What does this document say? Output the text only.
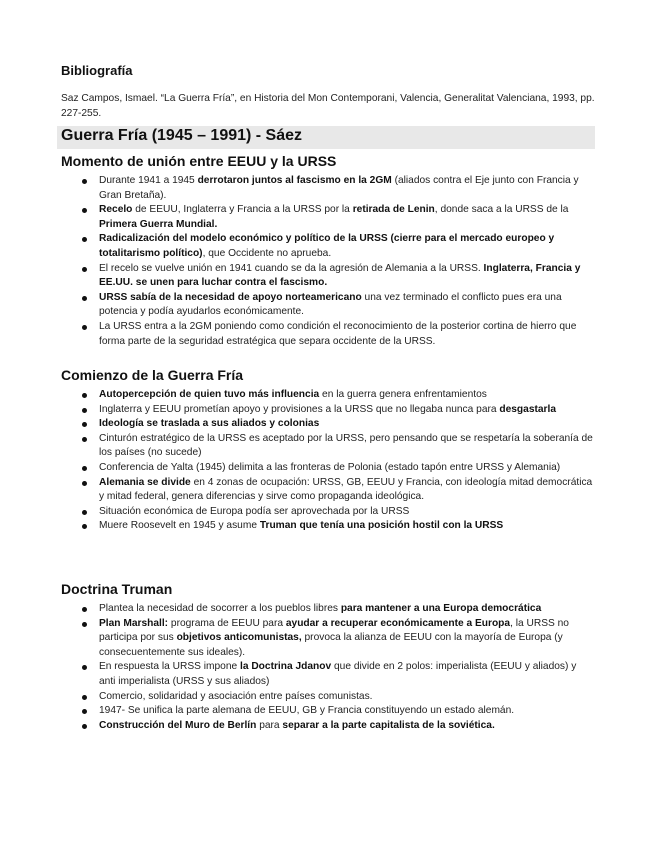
Bibliografía
Saz Campos, Ismael. “La Guerra Fría”, en Historia del Mon Contemporani, Valencia, Generalitat Valenciana, 1993, pp. 227-255.
Guerra Fría (1945 – 1991) - Sáez
Momento de unión entre EEUU y la URSS
Durante 1941 a 1945 derrotaron juntos al fascismo en la 2GM (aliados contra el Eje junto con Francia y Gran Bretaña).
Recelo de EEUU, Inglaterra y Francia a la URSS por la retirada de Lenin, donde saca a la URSS de la Primera Guerra Mundial.
Radicalización del modelo económico y político de la URSS (cierre para el mercado europeo y totalitarismo político), que Occidente no aprueba.
El recelo se vuelve unión en 1941 cuando se da la agresión de Alemania a la URSS. Inglaterra, Francia y EE.UU. se unen para luchar contra el fascismo.
URSS sabía de la necesidad de apoyo norteamericano una vez terminado el conflicto pues era una potencia y podía ayudarlos económicamente.
La URSS entra a la 2GM poniendo como condición el reconocimiento de la posterior cortina de hierro que forma parte de la seguridad estratégica que separa occidente de la URSS.
Comienzo de la Guerra Fría
Autopercepción de quien tuvo más influencia en la guerra genera enfrentamientos
Inglaterra y EEUU prometían apoyo y provisiones a la URSS que no llegaba nunca para desgastarla
Ideología se traslada a sus aliados y colonias
Cinturón estratégico de la URSS es aceptado por la URSS, pero pensando que se respetaría la soberanía de los países (no sucede)
Conferencia de Yalta (1945) delimita a las fronteras de Polonia (estado tapón entre URSS y Alemania)
Alemania se divide en 4 zonas de ocupación: URSS, GB, EEUU y Francia, con ideología mitad democrática y mitad federal, genera diferencias y sirve como propaganda ideológica.
Situación económica de Europa podía ser aprovechada por la URSS
Muere Roosevelt en 1945 y asume Truman que tenía una posición hostil con la URSS
Doctrina Truman
Plantea la necesidad de socorrer a los pueblos libres para mantener a una Europa democrática
Plan Marshall: programa de EEUU para ayudar a recuperar económicamente a Europa, la URSS no participa por sus objetivos anticomunistas, provoca la alianza de EEUU con la mayoría de Europa (y consecuentemente sus ideales).
En respuesta la URSS impone la Doctrina Jdanov que divide en 2 polos: imperialista (EEUU y aliados) y anti imperialista (URSS y sus aliados)
Comercio, solidaridad y asociación entre países comunistas.
1947- Se unifica la parte alemana de EEUU, GB y Francia constituyendo un estado alemán.
Construcción del Muro de Berlín para separar a la parte capitalista de la soviética.
